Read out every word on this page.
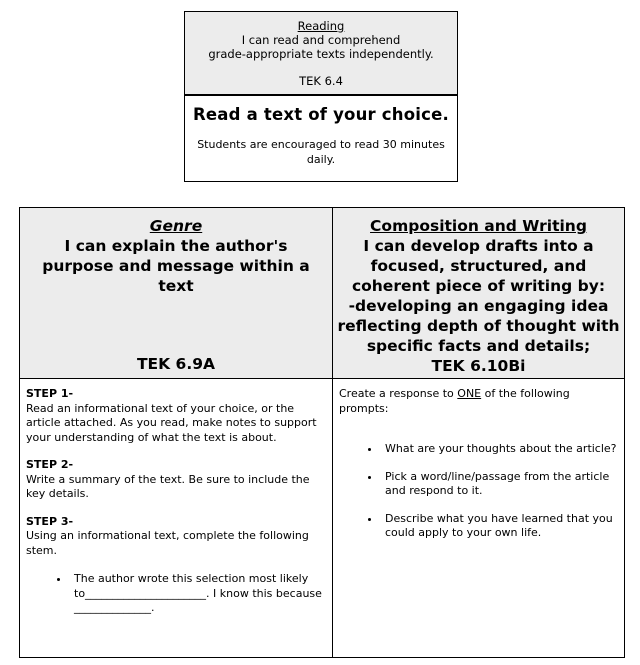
Reading
I can read and comprehend
grade-appropriate texts independently.
TEK 6.4
Read a text of your choice.
Students are encouraged to read 30 minutes daily.
Genre
I can explain the author's purpose and message within a text
TEK 6.9A
STEP 1-
Read an informational text of your choice, or the article attached. As you read, make notes to support your understanding of what the text is about.
STEP 2-
Write a summary of the text. Be sure to include the key details.
STEP 3-
Using an informational text, complete the following stem.
• The author wrote this selection most likely to______________________. I know this because ______________.
Composition and Writing
I can develop drafts into a
focused, structured, and
coherent piece of writing by:
-developing an engaging idea
reflecting depth of thought with
specific facts and details;
TEK 6.10Bi

Create a response to ONE of the following prompts:

• What are your thoughts about the article?
• Pick a word/line/passage from the article and respond to it.
• Describe what you have learned that you could apply to your own life.
